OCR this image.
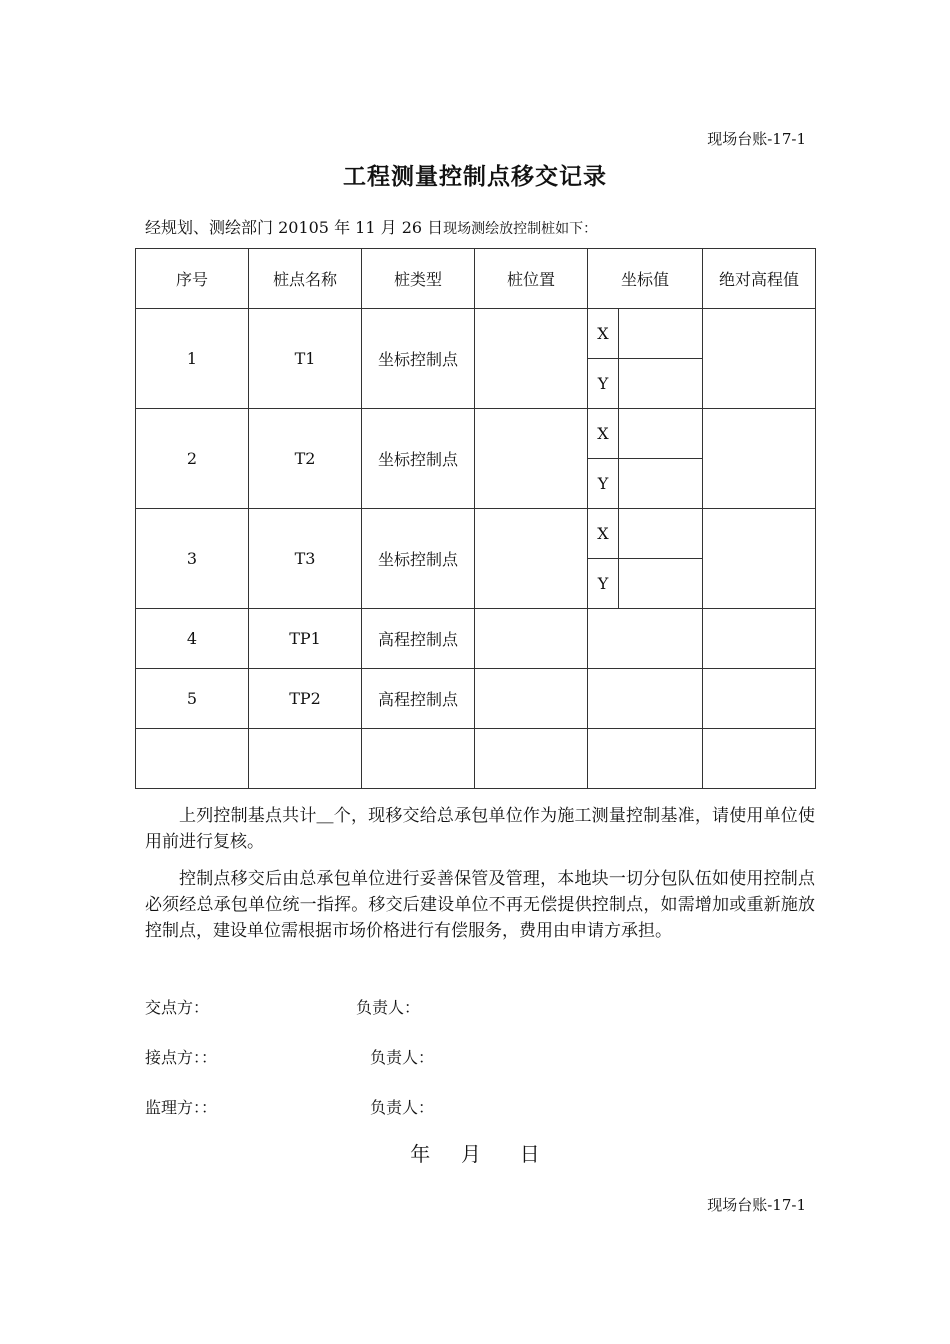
现场台账-17-1
工程测量控制点移交记录
经规划、测绘部门 20105 年 11 月 26 日现场测绘放控制桩如下：
序号	桩点名称	桩类型	桩位置	坐标值		绝对高程值
1	T1	坐标控制点		X		
				Y		
2	T2	坐标控制点		X		
				Y		
3	T3	坐标控制点		X		
				Y		
4	TP1	高程控制点				
5	TP2	高程控制点				

上列控制基点共计＿个，现移交给总承包单位作为施工测量控制基准，请使用单位使用前进行复核。
控制点移交后由总承包单位进行妥善保管及管理，本地块一切分包队伍如使用控制点必须经总承包单位统一指挥。移交后建设单位不再无偿提供控制点，如需增加或重新施放控制点，建设单位需根据市场价格进行有偿服务，费用由申请方承担。
交点方：	负责人：
接点方：：	负责人：
监理方：：	负责人：
年 月 日
现场台账-17-1
